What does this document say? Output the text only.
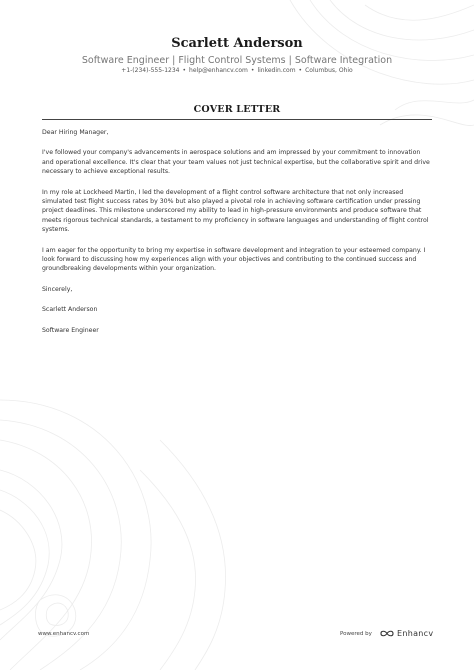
Scarlett Anderson
Software Engineer | Flight Control Systems | Software Integration
+1-(234)-555-1234 • help@enhancv.com • linkedin.com • Columbus, Ohio
COVER LETTER

Dear Hiring Manager,

I've followed your company's advancements in aerospace solutions and am impressed by your commitment to innovation and operational excellence. It's clear that your team values not just technical expertise, but the collaborative spirit and drive necessary to achieve exceptional results.

In my role at Lockheed Martin, I led the development of a flight control software architecture that not only increased simulated test flight success rates by 30% but also played a pivotal role in achieving software certification under pressing project deadlines. This milestone underscored my ability to lead in high-pressure environments and produce software that meets rigorous technical standards, a testament to my proficiency in software languages and understanding of flight control systems.

I am eager for the opportunity to bring my expertise in software development and integration to your esteemed company. I look forward to discussing how my experiences align with your objectives and contributing to the continued success and groundbreaking developments within your organization.

Sincerely,

Scarlett Anderson

Software Engineer

www.enhancv.com	Powered by	Enhancv
